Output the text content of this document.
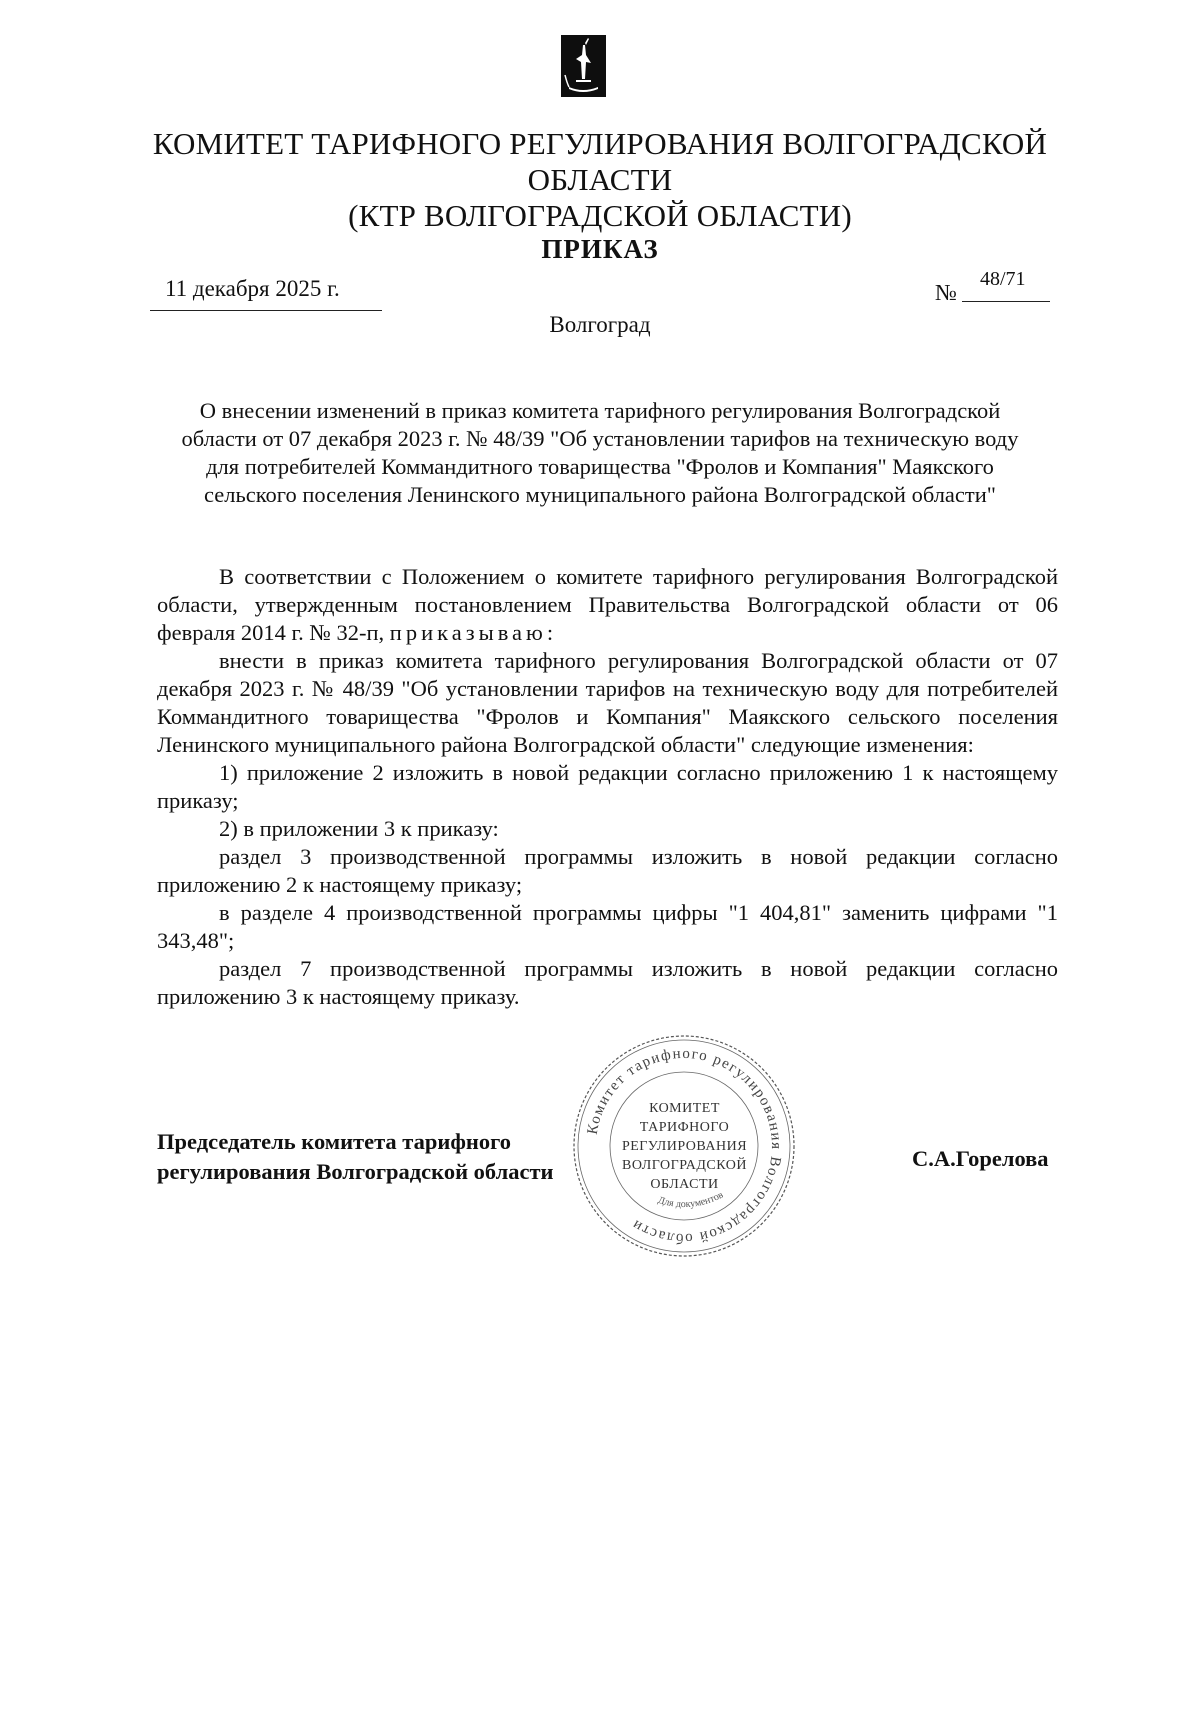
КОМИТЕТ ТАРИФНОГО РЕГУЛИРОВАНИЯ ВОЛГОГРАДСКОЙ ОБЛАСТИ
(КТР ВОЛГОГРАДСКОЙ ОБЛАСТИ)
ПРИКАЗ
11 декабря 2025 г.	№
48/71
Волгоград
О внесении изменений в приказ комитета тарифного регулирования Волгоградской
области от 07 декабря 2023 г. № 48/39 "Об установлении тарифов на техническую воду
для потребителей Коммандитного товарищества "Фролов и Компания" Маякского
сельского поселения Ленинского муниципального района Волгоградской области"

В соответствии с Положением о комитете тарифного регулирования Волгоградской области, утвержденным постановлением Правительства Волгоградской области от 06 февраля 2014 г. № 32-п, приказываю:

внести в приказ комитета тарифного регулирования Волгоградской области от 07 декабря 2023 г. № 48/39 "Об установлении тарифов на техническую воду для потребителей Коммандитного товарищества "Фролов и Компания" Маякского сельского поселения Ленинского муниципального района Волгоградской области" следующие изменения:

1) приложение 2 изложить в новой редакции согласно приложению 1 к настоящему приказу;

2) в приложении 3 к приказу:

раздел 3 производственной программы изложить в новой редакции согласно приложению 2 к настоящему приказу;

в разделе 4 производственной программы цифры "1 404,81" заменить цифрами "1 343,48";

раздел 7 производственной программы изложить в новой редакции согласно приложению 3 к настоящему приказу.

Комитет тарифного регулирования Волгоградской области
Для документов
КОМИТЕТ
ТАРИФНОГО
РЕГУЛИРОВАНИЯ
ВОЛГОГРАДСКОЙ
ОБЛАСТИ
Председатель комитета тарифного
регулирования Волгоградской области
С.А.Горелова
